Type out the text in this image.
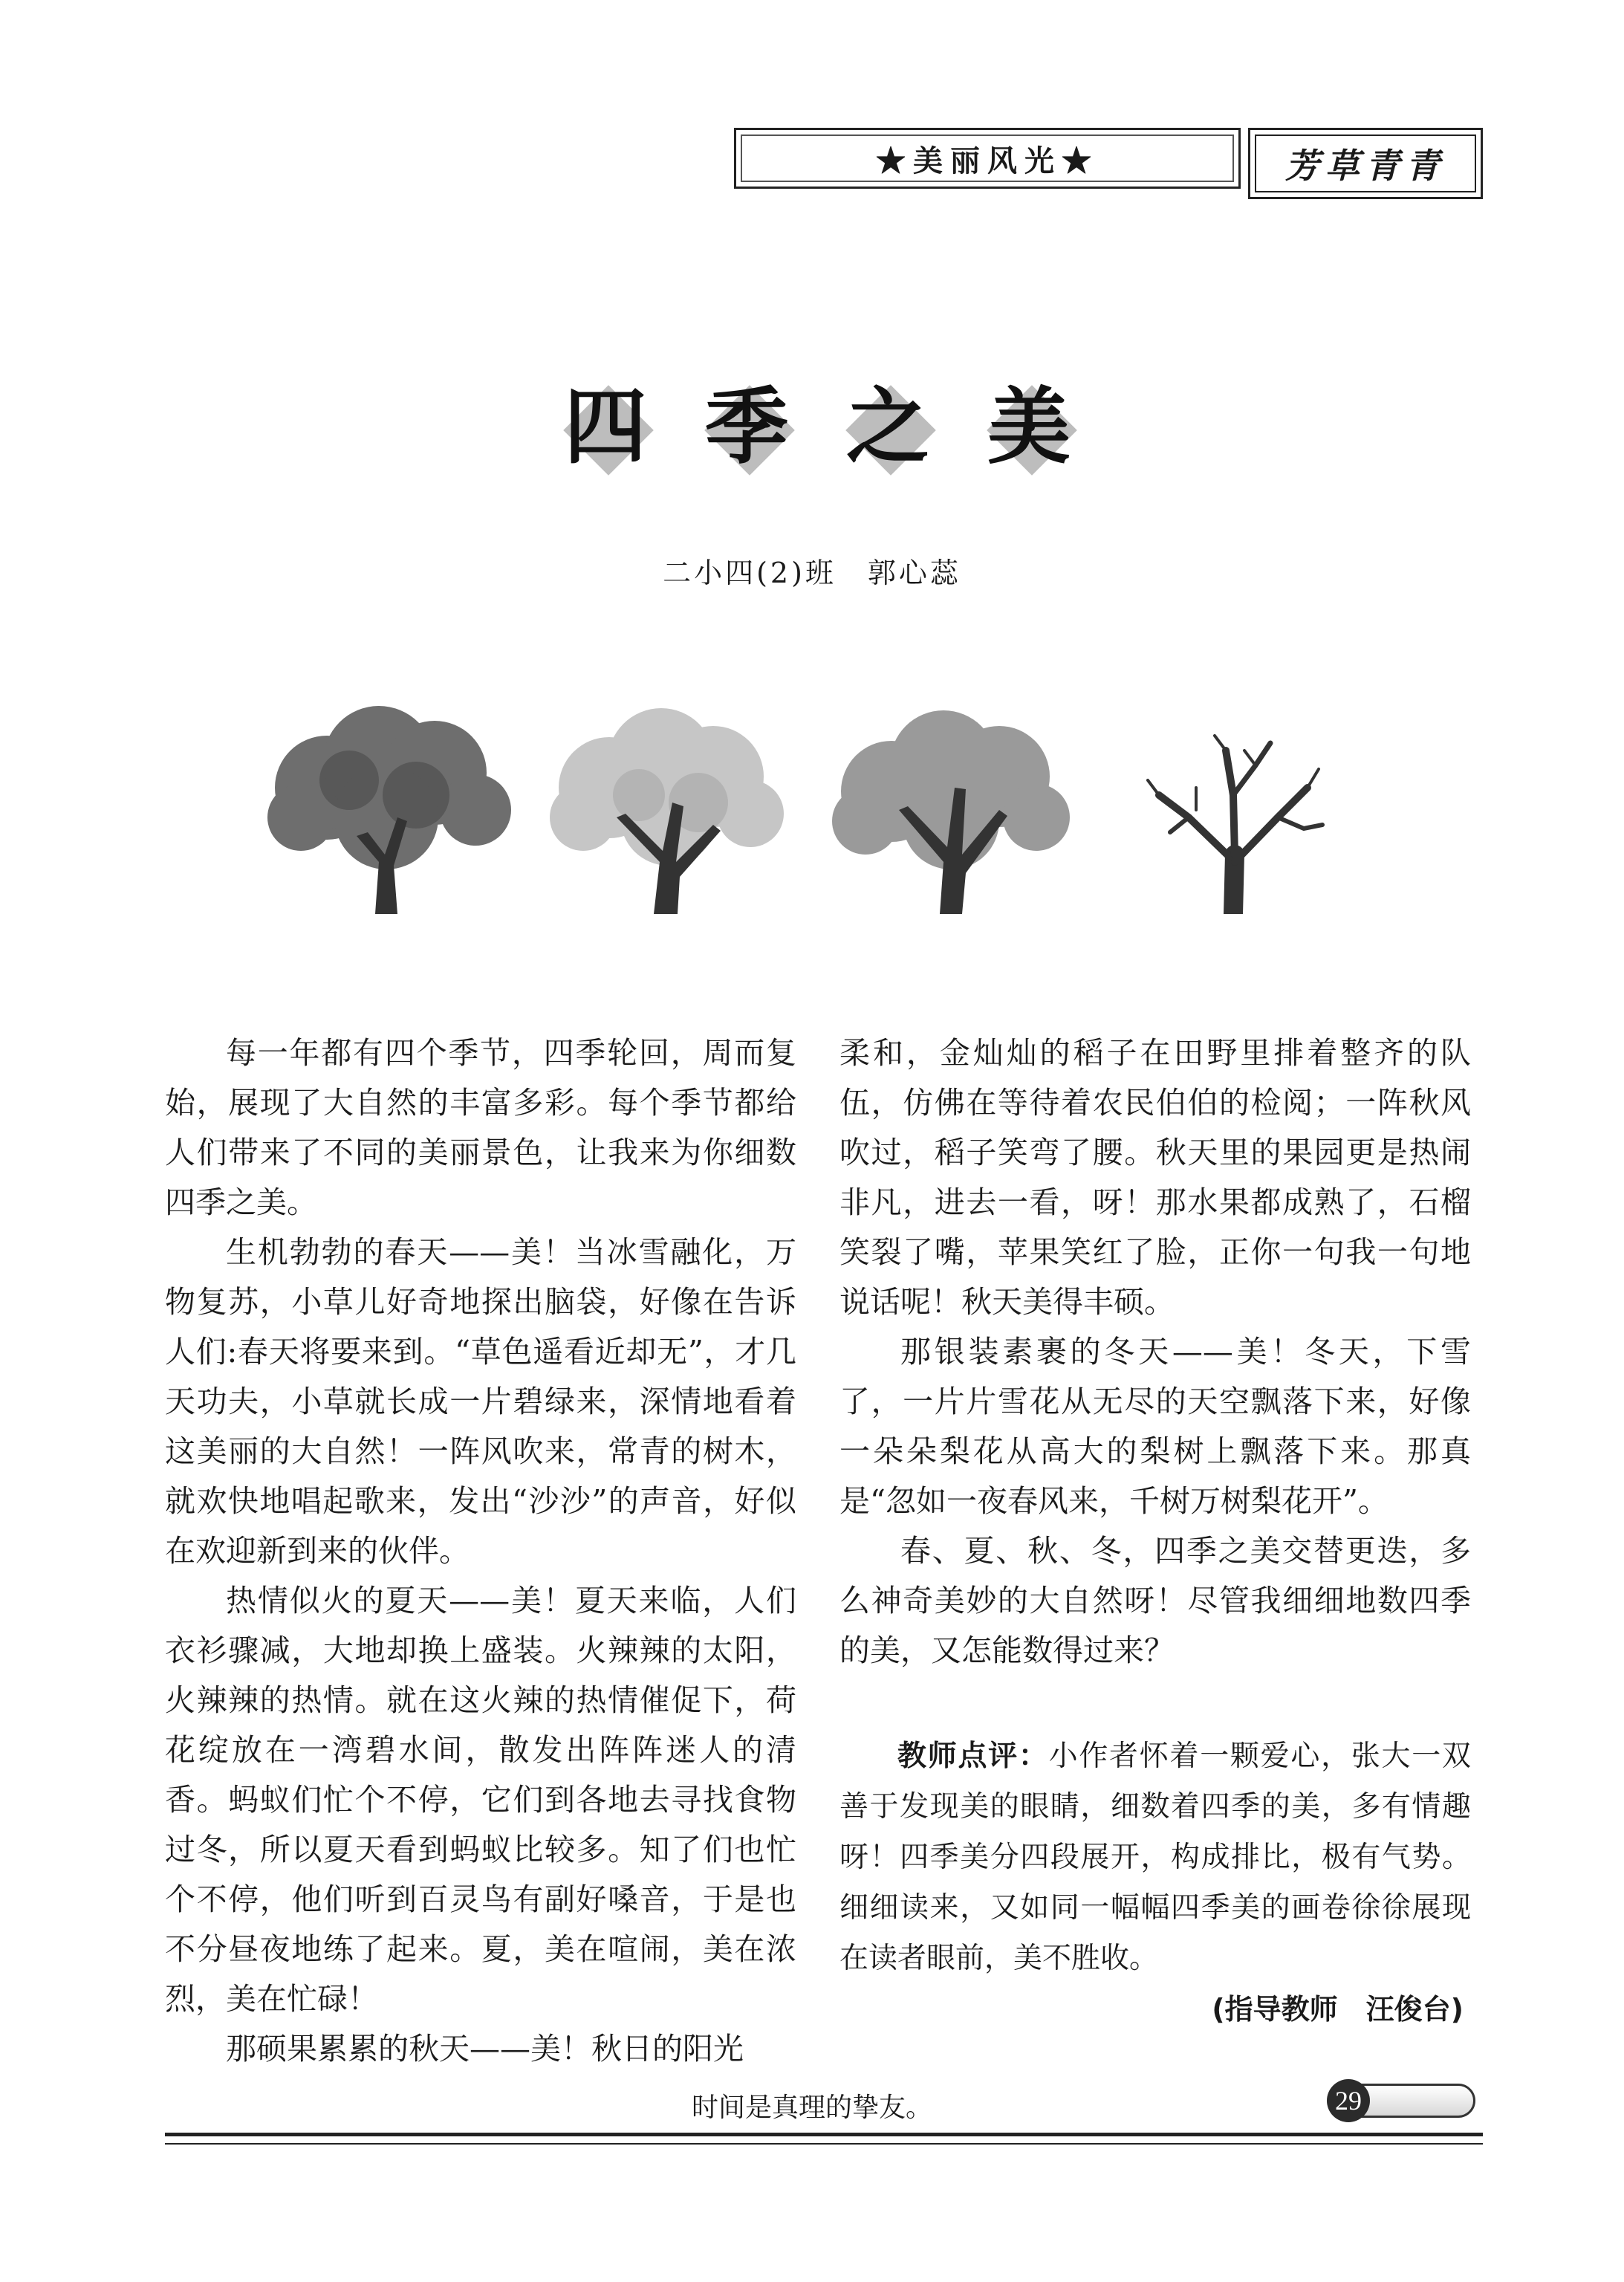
★美丽风光★	芳草青青
四 季 之 美
二小四(2)班　郭心蕊

每一年都有四个季节，四季轮回，周而复始，展现了大自然的丰富多彩。每个季节都给人们带来了不同的美丽景色，让我来为你细数四季之美。

生机勃勃的春天——美！当冰雪融化，万物复苏，小草儿好奇地探出脑袋，好像在告诉人们:春天将要来到。“草色遥看近却无”，才几天功夫，小草就长成一片碧绿来，深情地看着这美丽的大自然！一阵风吹来，常青的树木，就欢快地唱起歌来，发出“沙沙”的声音，好似在欢迎新到来的伙伴。

热情似火的夏天——美！夏天来临，人们衣衫骤减，大地却换上盛装。火辣辣的太阳，火辣辣的热情。就在这火辣的热情催促下，荷花绽放在一湾碧水间，散发出阵阵迷人的清香。蚂蚁们忙个不停，它们到各地去寻找食物过冬，所以夏天看到蚂蚁比较多。知了们也忙个不停，他们听到百灵鸟有副好嗓音，于是也不分昼夜地练了起来。夏，美在喧闹，美在浓烈，美在忙碌！

那硕果累累的秋天——美！秋日的阳光

柔和，金灿灿的稻子在田野里排着整齐的队伍，仿佛在等待着农民伯伯的检阅；一阵秋风吹过，稻子笑弯了腰。秋天里的果园更是热闹非凡，进去一看，呀！那水果都成熟了，石榴笑裂了嘴，苹果笑红了脸，正你一句我一句地说话呢！秋天美得丰硕。

那银装素裹的冬天——美！冬天，下雪了，一片片雪花从无尽的天空飘落下来，好像一朵朵梨花从高大的梨树上飘落下来。那真是“忽如一夜春风来，千树万树梨花开”。

春、夏、秋、冬，四季之美交替更迭，多么神奇美妙的大自然呀！尽管我细细地数四季的美，又怎能数得过来？

教师点评：小作者怀着一颗爱心，张大一双善于发现美的眼睛，细数着四季的美，多有情趣呀！四季美分四段展开，构成排比，极有气势。细细读来，又如同一幅幅四季美的画卷徐徐展现在读者眼前，美不胜收。

(指导教师　汪俊台)
时间是真理的挚友。	29
